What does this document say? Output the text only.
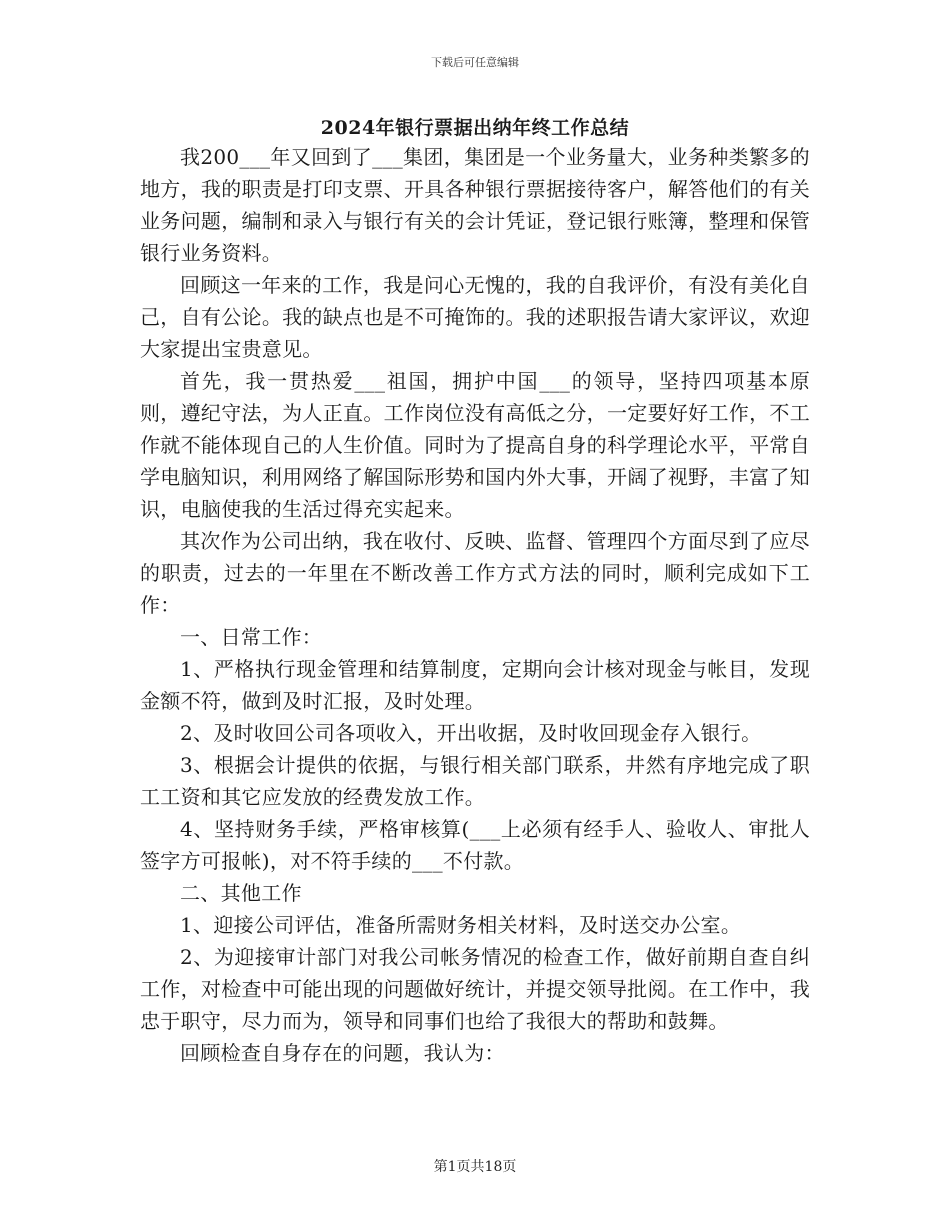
下载后可任意编辑
2024年银行票据出纳年终工作总结

我200___年又回到了___集团，集团是一个业务量大，业务种类繁多的地方，我的职责是打印支票、开具各种银行票据接待客户，解答他们的有关业务问题，编制和录入与银行有关的会计凭证，登记银行账簿，整理和保管银行业务资料。

回顾这一年来的工作，我是问心无愧的，我的自我评价，有没有美化自己，自有公论。我的缺点也是不可掩饰的。我的述职报告请大家评议，欢迎大家提出宝贵意见。

首先，我一贯热爱___祖国，拥护中国___的领导，坚持四项基本原则，遵纪守法，为人正直。工作岗位没有高低之分，一定要好好工作，不工作就不能体现自己的人生价值。同时为了提高自身的科学理论水平，平常自学电脑知识，利用网络了解国际形势和国内外大事，开阔了视野，丰富了知识，电脑使我的生活过得充实起来。

其次作为公司出纳，我在收付、反映、监督、管理四个方面尽到了应尽的职责，过去的一年里在不断改善工作方式方法的同时，顺利完成如下工作：

一、日常工作：

1、严格执行现金管理和结算制度，定期向会计核对现金与帐目，发现金额不符，做到及时汇报，及时处理。

2、及时收回公司各项收入，开出收据，及时收回现金存入银行。

3、根据会计提供的依据，与银行相关部门联系，井然有序地完成了职工工资和其它应发放的经费发放工作。

4、坚持财务手续，严格审核算(___上必须有经手人、验收人、审批人签字方可报帐)，对不符手续的___不付款。

二、其他工作

1、迎接公司评估，准备所需财务相关材料，及时送交办公室。

2、为迎接审计部门对我公司帐务情况的检查工作，做好前期自查自纠工作，对检查中可能出现的问题做好统计，并提交领导批阅。在工作中，我忠于职守，尽力而为，领导和同事们也给了我很大的帮助和鼓舞。

回顾检查自身存在的问题，我认为：

第1页共18页
